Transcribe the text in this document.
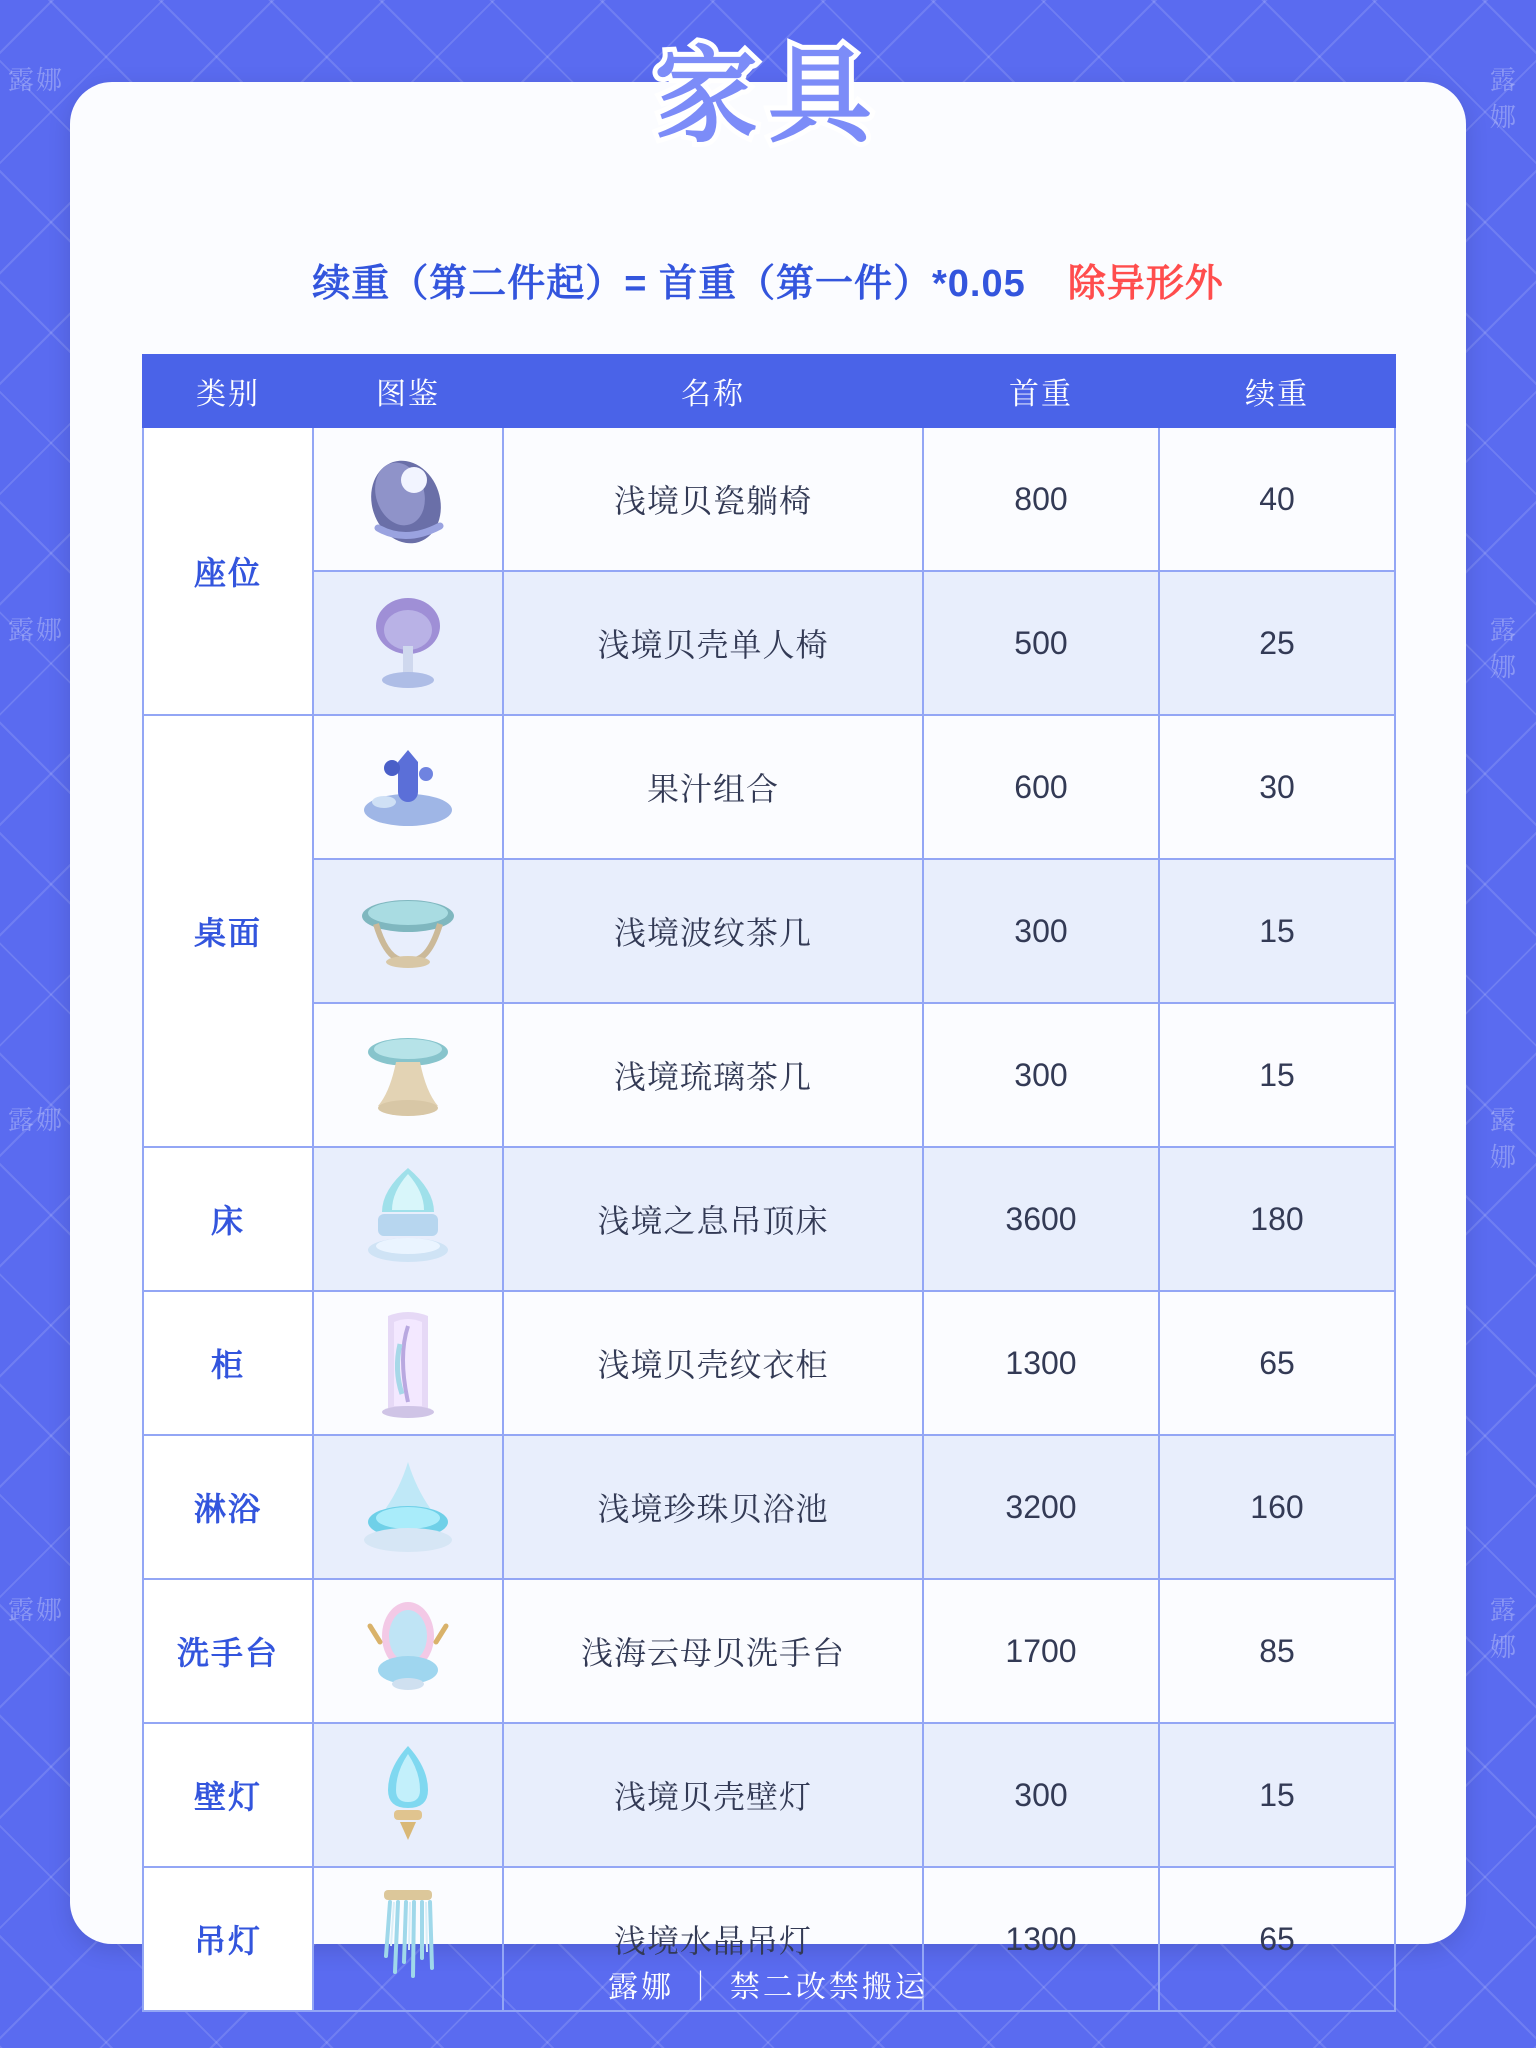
露娜	露娜
露娜	露娜
露娜	露娜
露娜	露娜
家具
续重（第二件起）= 首重（第一件）*0.05 除异形外
类别	图鉴	名称	首重	续重
座位		浅境贝瓷躺椅	800	40

	浅境贝壳单人椅	500	25
桌面		果汁组合	600	30

	浅境波纹茶几	300	15

	浅境琉璃茶几	300	15
床		浅境之息吊顶床	3600	180
柜		浅境贝壳纹衣柜	1300	65
淋浴		浅境珍珠贝浴池	3200	160
洗手台		浅海云母贝洗手台	1700	85
壁灯		浅境贝壳壁灯	300	15
吊灯		浅境水晶吊灯	1300	65
露娜 ｜ 禁二改禁搬运
